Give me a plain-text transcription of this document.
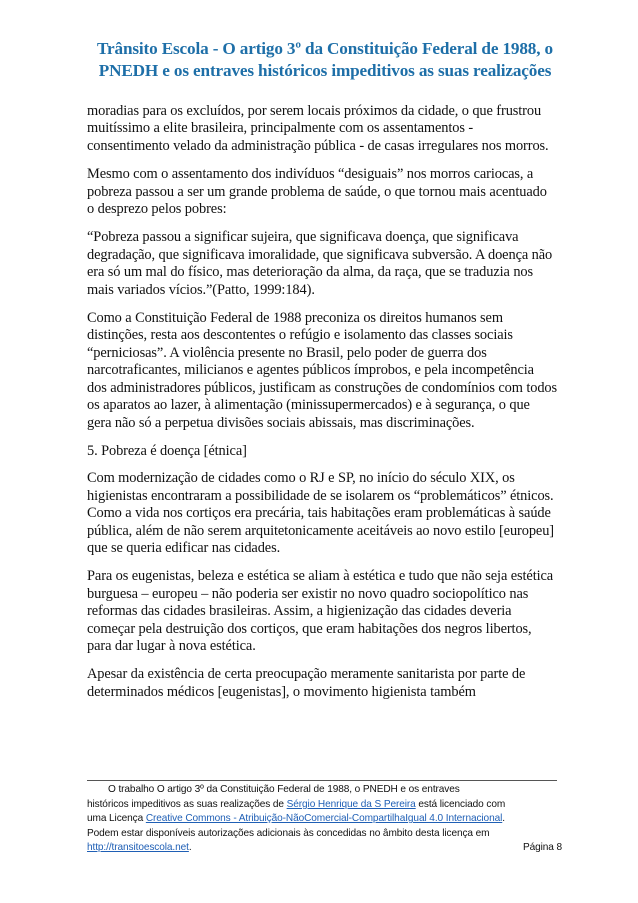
Trânsito Escola - O artigo 3º da Constituição Federal de 1988, o
PNEDH e os entraves históricos impeditivos as suas realizações

moradias para os excluídos, por serem locais próximos da cidade, o que frustrou muitíssimo a elite brasileira, principalmente com os assentamentos - consentimento velado da administração pública - de casas irregulares nos morros.

Mesmo com o assentamento dos indivíduos “desiguais” nos morros cariocas, a pobreza passou a ser um grande problema de saúde, o que tornou mais acentuado o desprezo pelos pobres:

“Pobreza passou a significar sujeira, que significava doença, que significava degradação, que significava imoralidade, que significava subversão. A doença não era só um mal do físico, mas deterioração da alma, da raça, que se traduzia nos mais variados vícios.”(Patto, 1999:184).

Como a Constituição Federal de 1988 preconiza os direitos humanos sem distinções, resta aos descontentes o refúgio e isolamento das classes sociais “perniciosas”. A violência presente no Brasil, pelo poder de guerra dos narcotraficantes, milicianos e agentes públicos ímprobos, e pela incompetência dos administradores públicos, justificam as construções de condomínios com todos os aparatos ao lazer, à alimentação (minissupermercados) e à segurança, o que gera não só a perpetua divisões sociais abissais, mas discriminações.

5. Pobreza é doença [étnica]

Com modernização de cidades como o RJ e SP, no início do século XIX, os higienistas encontraram a possibilidade de se isolarem os “problemáticos” étnicos. Como a vida nos cortiços era precária, tais habitações eram problemáticas à saúde pública, além de não serem arquitetonicamente aceitáveis ao novo estilo [europeu] que se queria edificar nas cidades.

Para os eugenistas, beleza e estética se aliam à estética e tudo que não seja estética burguesa – europeu – não poderia ser existir no novo quadro sociopolítico nas reformas das cidades brasileiras. Assim, a higienização das cidades deveria começar pela destruição dos cortiços, que eram habitações dos negros libertos, para dar lugar à nova estética.

Apesar da existência de certa preocupação meramente sanitarista por parte de determinados médicos [eugenistas], o movimento higienista também

O trabalho O artigo 3º da Constituição Federal de 1988, o PNEDH e os entraves
históricos impeditivos as suas realizações de Sérgio Henrique da S Pereira está licenciado com
uma Licença Creative Commons - Atribuição-NãoComercial-CompartilhaIgual 4.0 Internacional.
Podem estar disponíveis autorizações adicionais às concedidas no âmbito desta licença em
http://transitoescola.net.	Página 8
